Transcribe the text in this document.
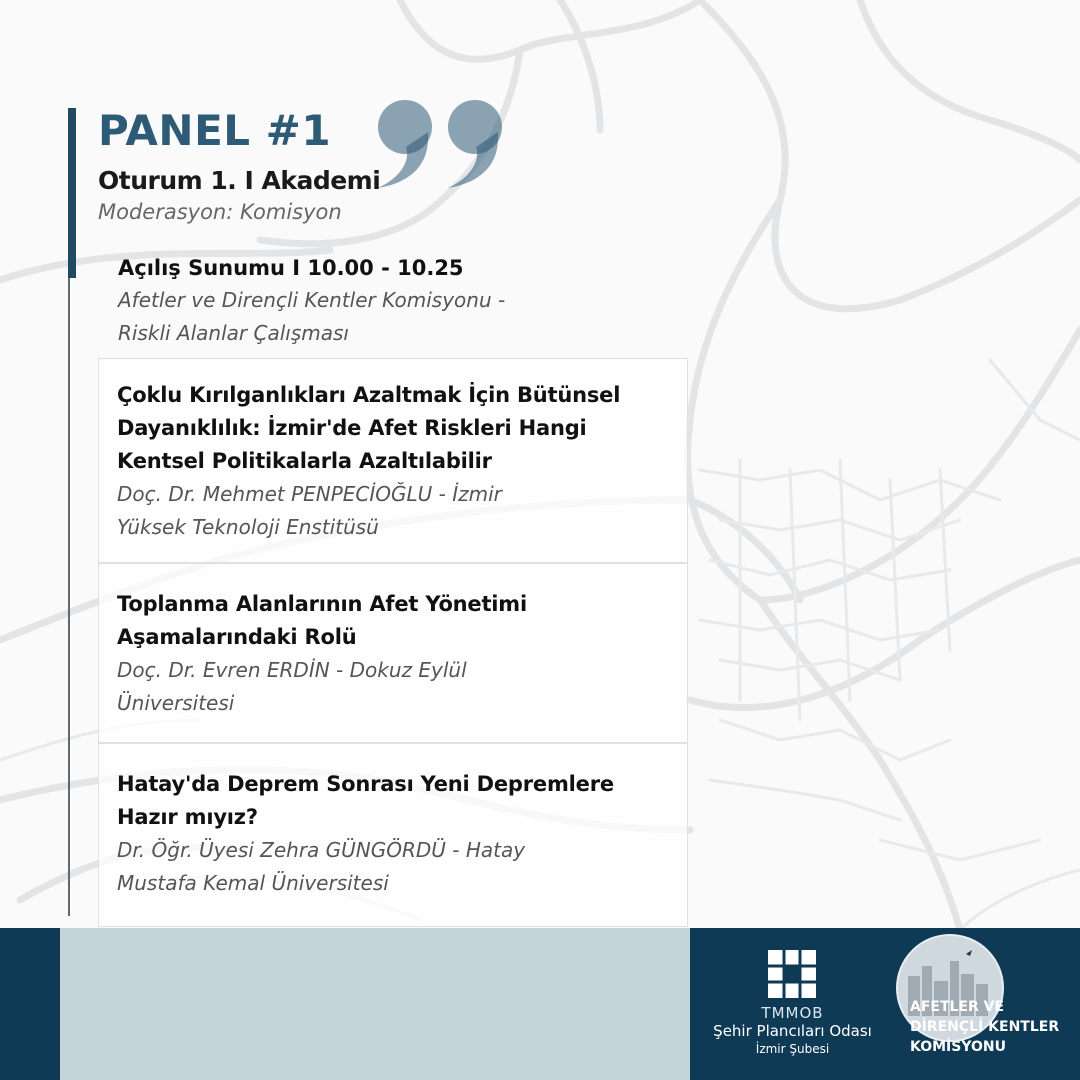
PANEL #1
Oturum 1. I Akademi
Moderasyon: Komisyon
Açılış Sunumu I 10.00 - 10.25
Afetler ve Dirençli Kentler Komisyonu -
Riskli Alanlar Çalışması
Çoklu Kırılganlıkları Azaltmak İçin Bütünsel
Dayanıklılık: İzmir'de Afet Riskleri Hangi
Kentsel Politikalarla Azaltılabilir
Doç. Dr. Mehmet PENPECİOĞLU - İzmir
Yüksek Teknoloji Enstitüsü
Toplanma Alanlarının Afet Yönetimi
Aşamalarındaki Rolü
Doç. Dr. Evren ERDİN - Dokuz Eylül
Üniversitesi
Hatay'da Deprem Sonrası Yeni Depremlere
Hazır mıyız?
Dr. Öğr. Üyesi Zehra GÜNGÖRDÜ - Hatay
Mustafa Kemal Üniversitesi
TMMOB
Şehir Plancıları Odası
İzmir Şubesi
AFETLER VE
DİRENÇLİ KENTLER
KOMİSYONU
